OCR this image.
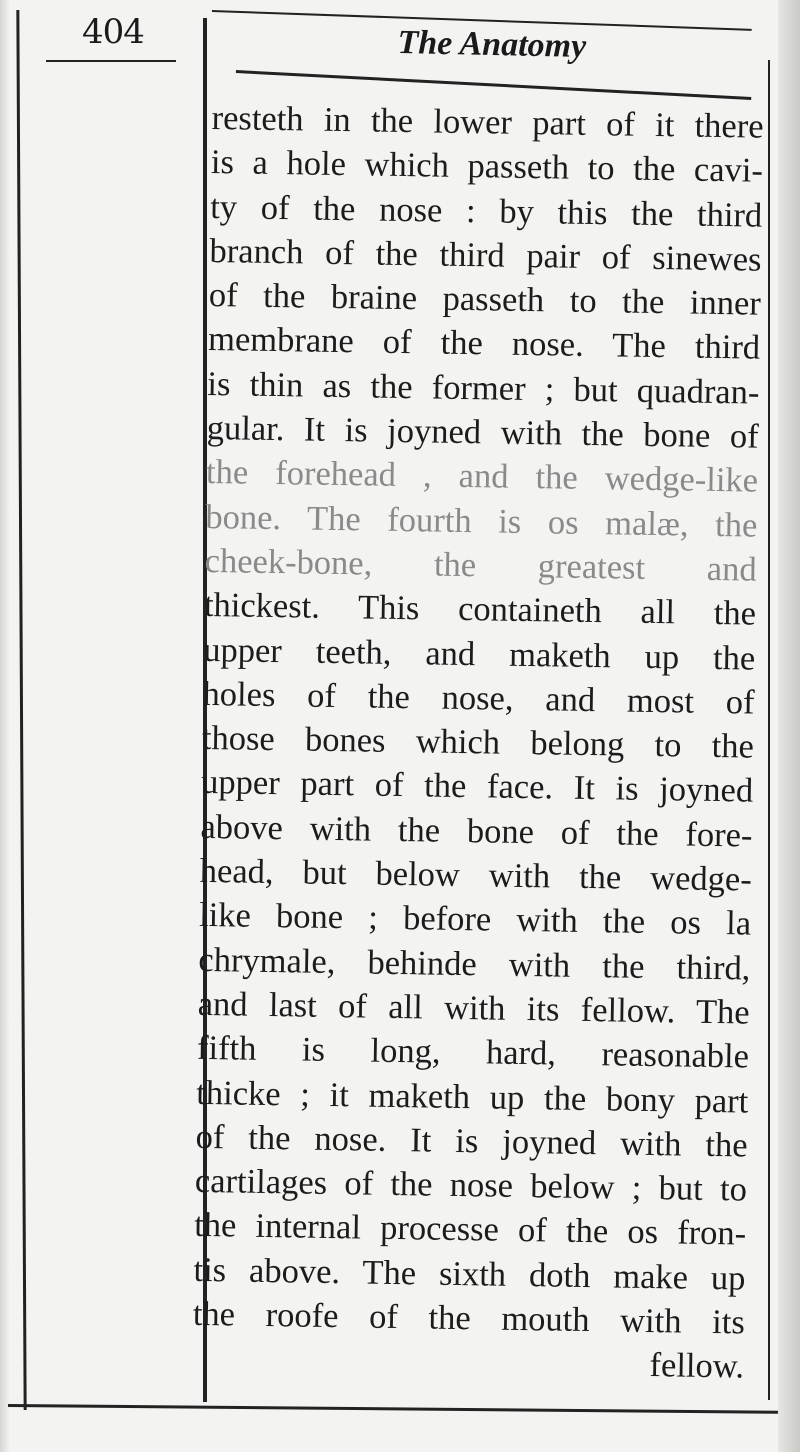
404	The Anatomy
resteth in the lower part of it there
is a hole which passeth to the cavi-
ty of the nose : by this the third
branch of the third pair of sinewes
of the braine passeth to the inner
membrane of the nose. The third
is thin as the former ; but quadran-
gular. It is joyned with the bone of
the forehead , and the wedge-like
bone. The fourth is os malæ, the
cheek-bone, the greatest and
thickest. This containeth all the
upper teeth, and maketh up the
holes of the nose, and most of
those bones which belong to the
upper part of the face. It is joyned
above with the bone of the fore-
head, but below with the wedge-
like bone ; before with the os la
chrymale, behinde with the third,
and last of all with its fellow. The
fifth is long, hard, reasonable
thicke ; it maketh up the bony part
of the nose. It is joyned with the
cartilages of the nose below ; but to
the internal processe of the os fron-
tis above. The sixth doth make up
the roofe of the mouth with its
fellow.
